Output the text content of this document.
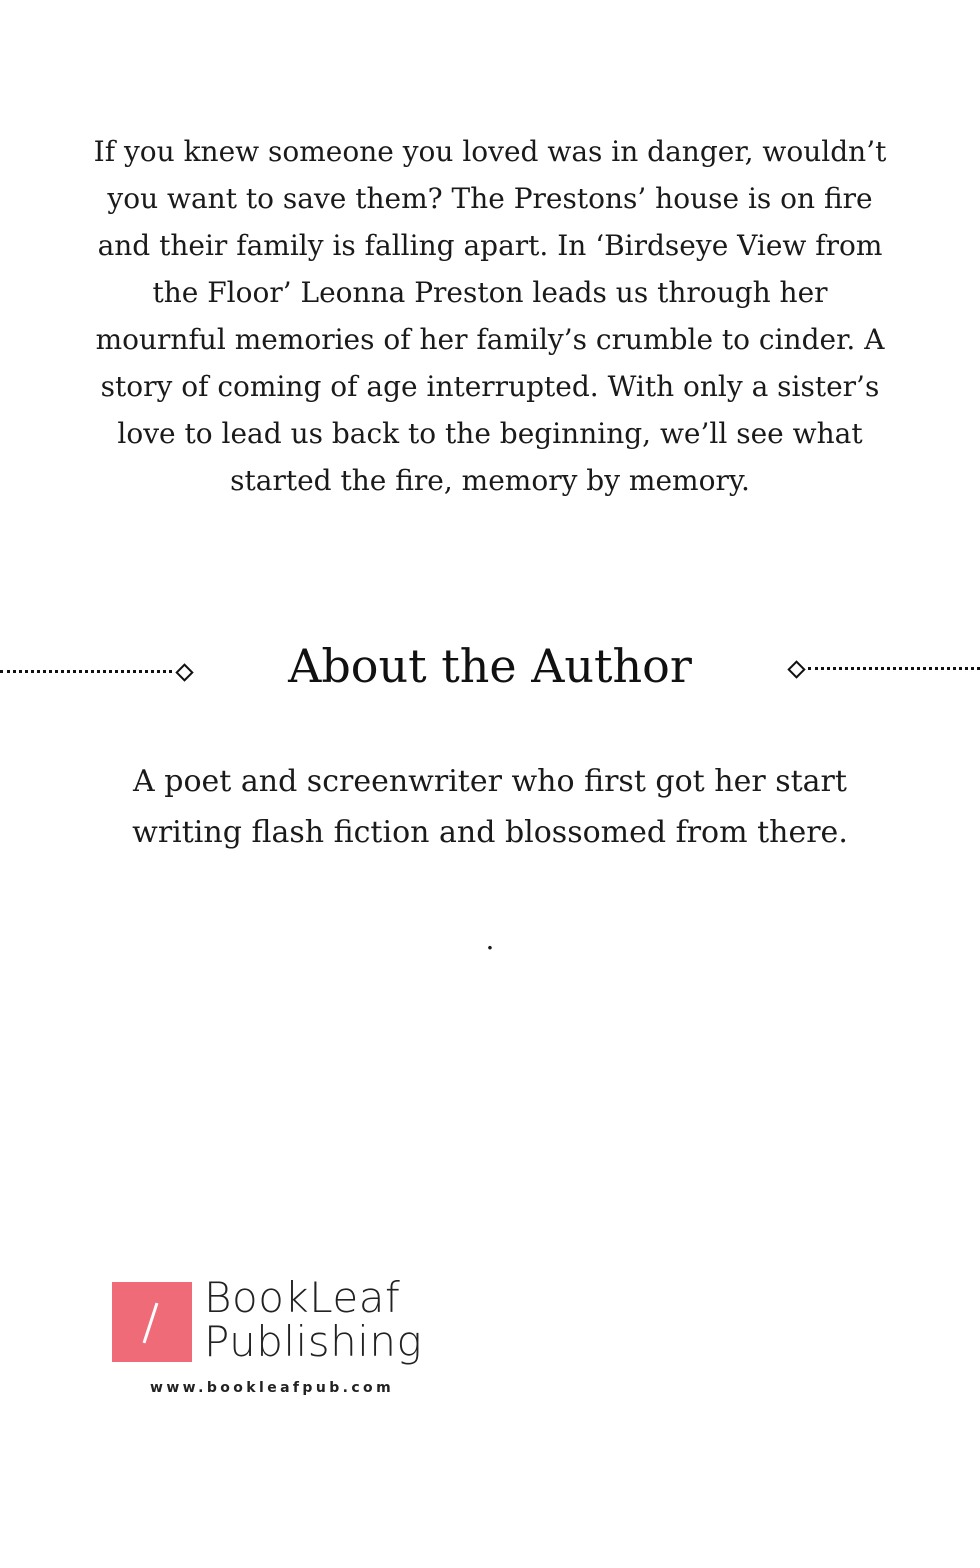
If you knew someone you loved was in danger, wouldn’t you want to save them? The Prestons’ house is on fire and their family is falling apart. In ‘Birdseye View from the Floor’ Leonna Preston leads us through her mournful memories of her family’s crumble to cinder. A story of coming of age interrupted. With only a sister’s love to lead us back to the beginning, we’ll see what started the fire, memory by memory.

About the Author

A poet and screenwriter who first got her start writing flash fiction and blossomed from there.

.
BookLeaf
Publishing
www.bookleafpub.com
